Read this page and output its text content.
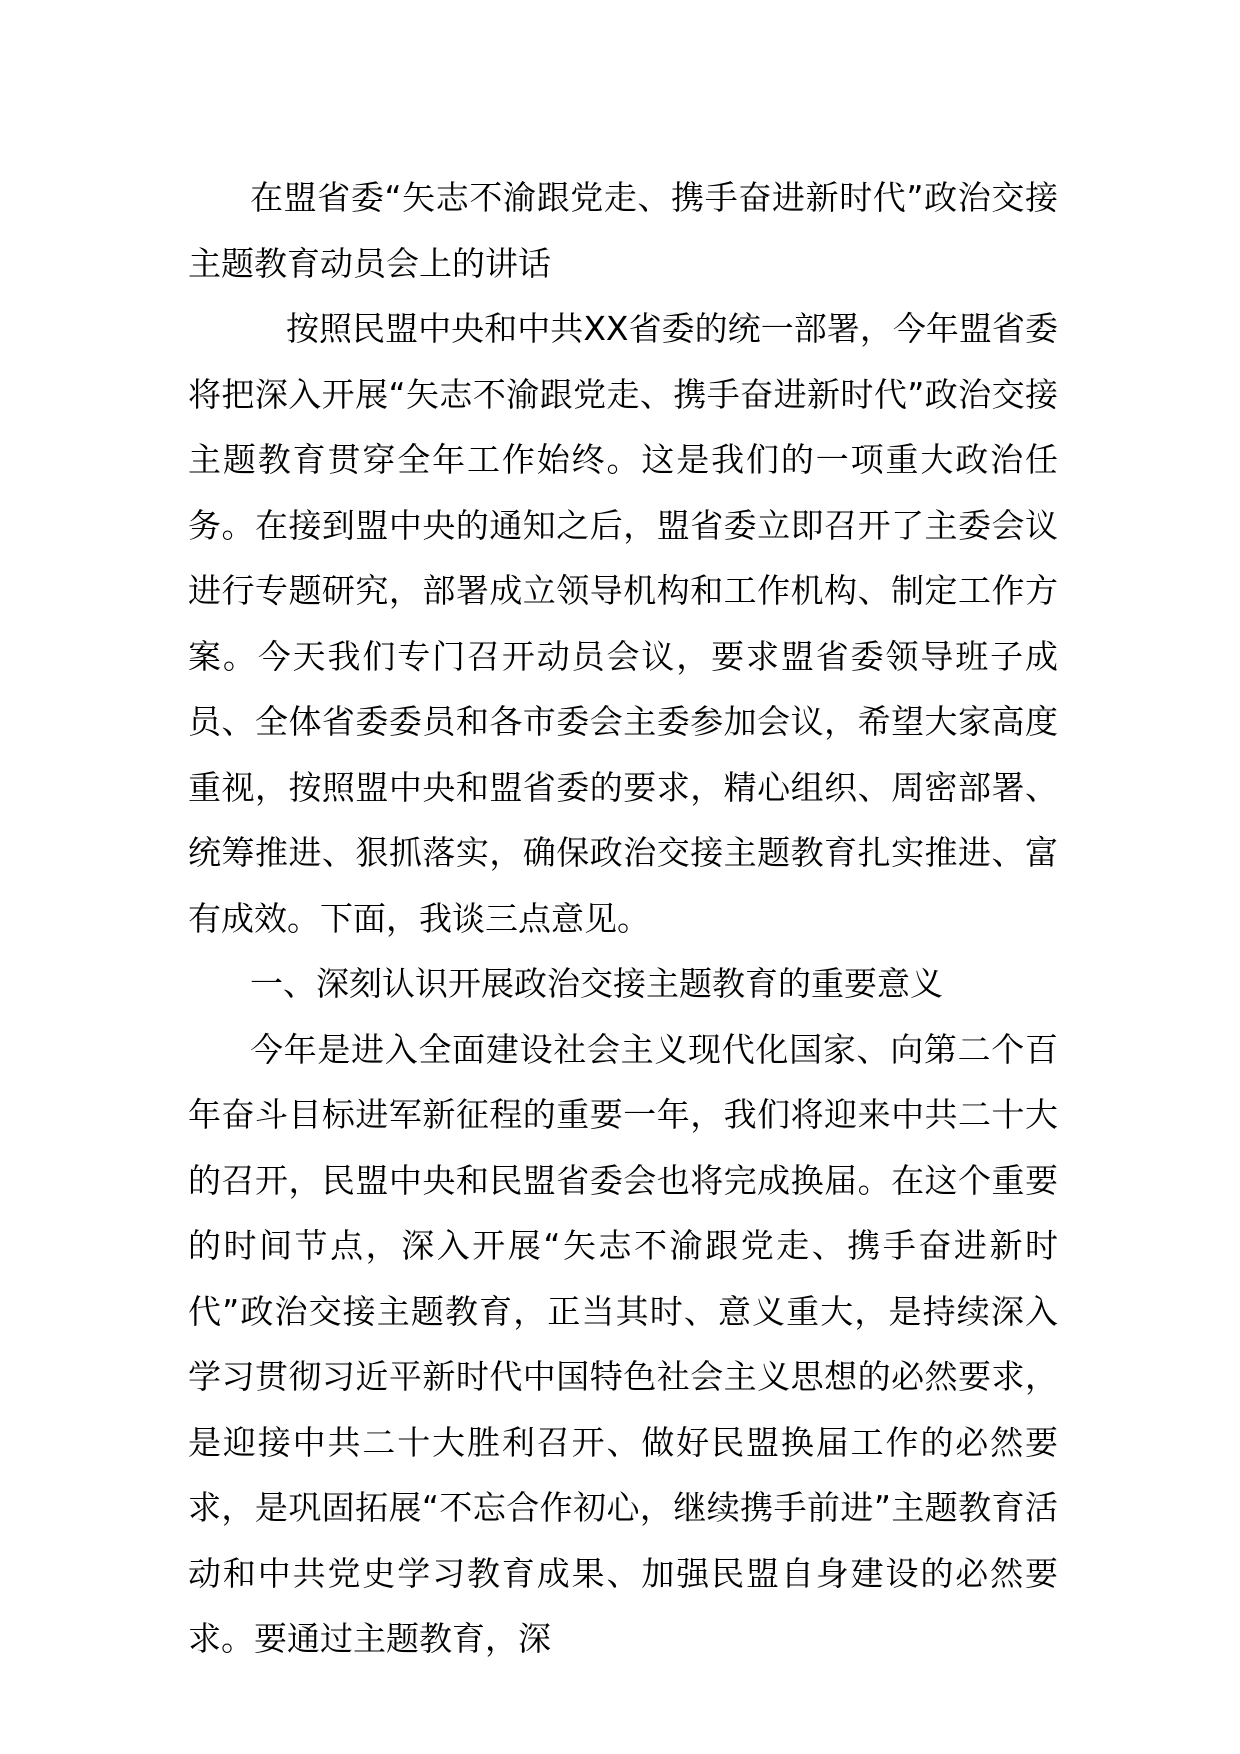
在盟省委“矢志不渝跟党走、携手奋进新时代”政治交接主题教育动员会上的讲话

按照民盟中央和中共XX省委的统一部署，今年盟省委将把深入开展“矢志不渝跟党走、携手奋进新时代”政治交接主题教育贯穿全年工作始终。这是我们的一项重大政治任务。在接到盟中央的通知之后，盟省委立即召开了主委会议进行专题研究，部署成立领导机构和工作机构、制定工作方案。今天我们专门召开动员会议，要求盟省委领导班子成员、全体省委委员和各市委会主委参加会议，希望大家高度重视，按照盟中央和盟省委的要求，精心组织、周密部署、统筹推进、狠抓落实，确保政治交接主题教育扎实推进、富有成效。下面，我谈三点意见。

一、深刻认识开展政治交接主题教育的重要意义

今年是进入全面建设社会主义现代化国家、向第二个百年奋斗目标进军新征程的重要一年，我们将迎来中共二十大的召开，民盟中央和民盟省委会也将完成换届。在这个重要的时间节点，深入开展“矢志不渝跟党走、携手奋进新时代”政治交接主题教育，正当其时、意义重大，是持续深入学习贯彻习近平新时代中国特色社会主义思想的必然要求，是迎接中共二十大胜利召开、做好民盟换届工作的必然要求，是巩固拓展“不忘合作初心，继续携手前进”主题教育活动和中共党史学习教育成果、加强民盟自身建设的必然要求。要通过主题教育，深
